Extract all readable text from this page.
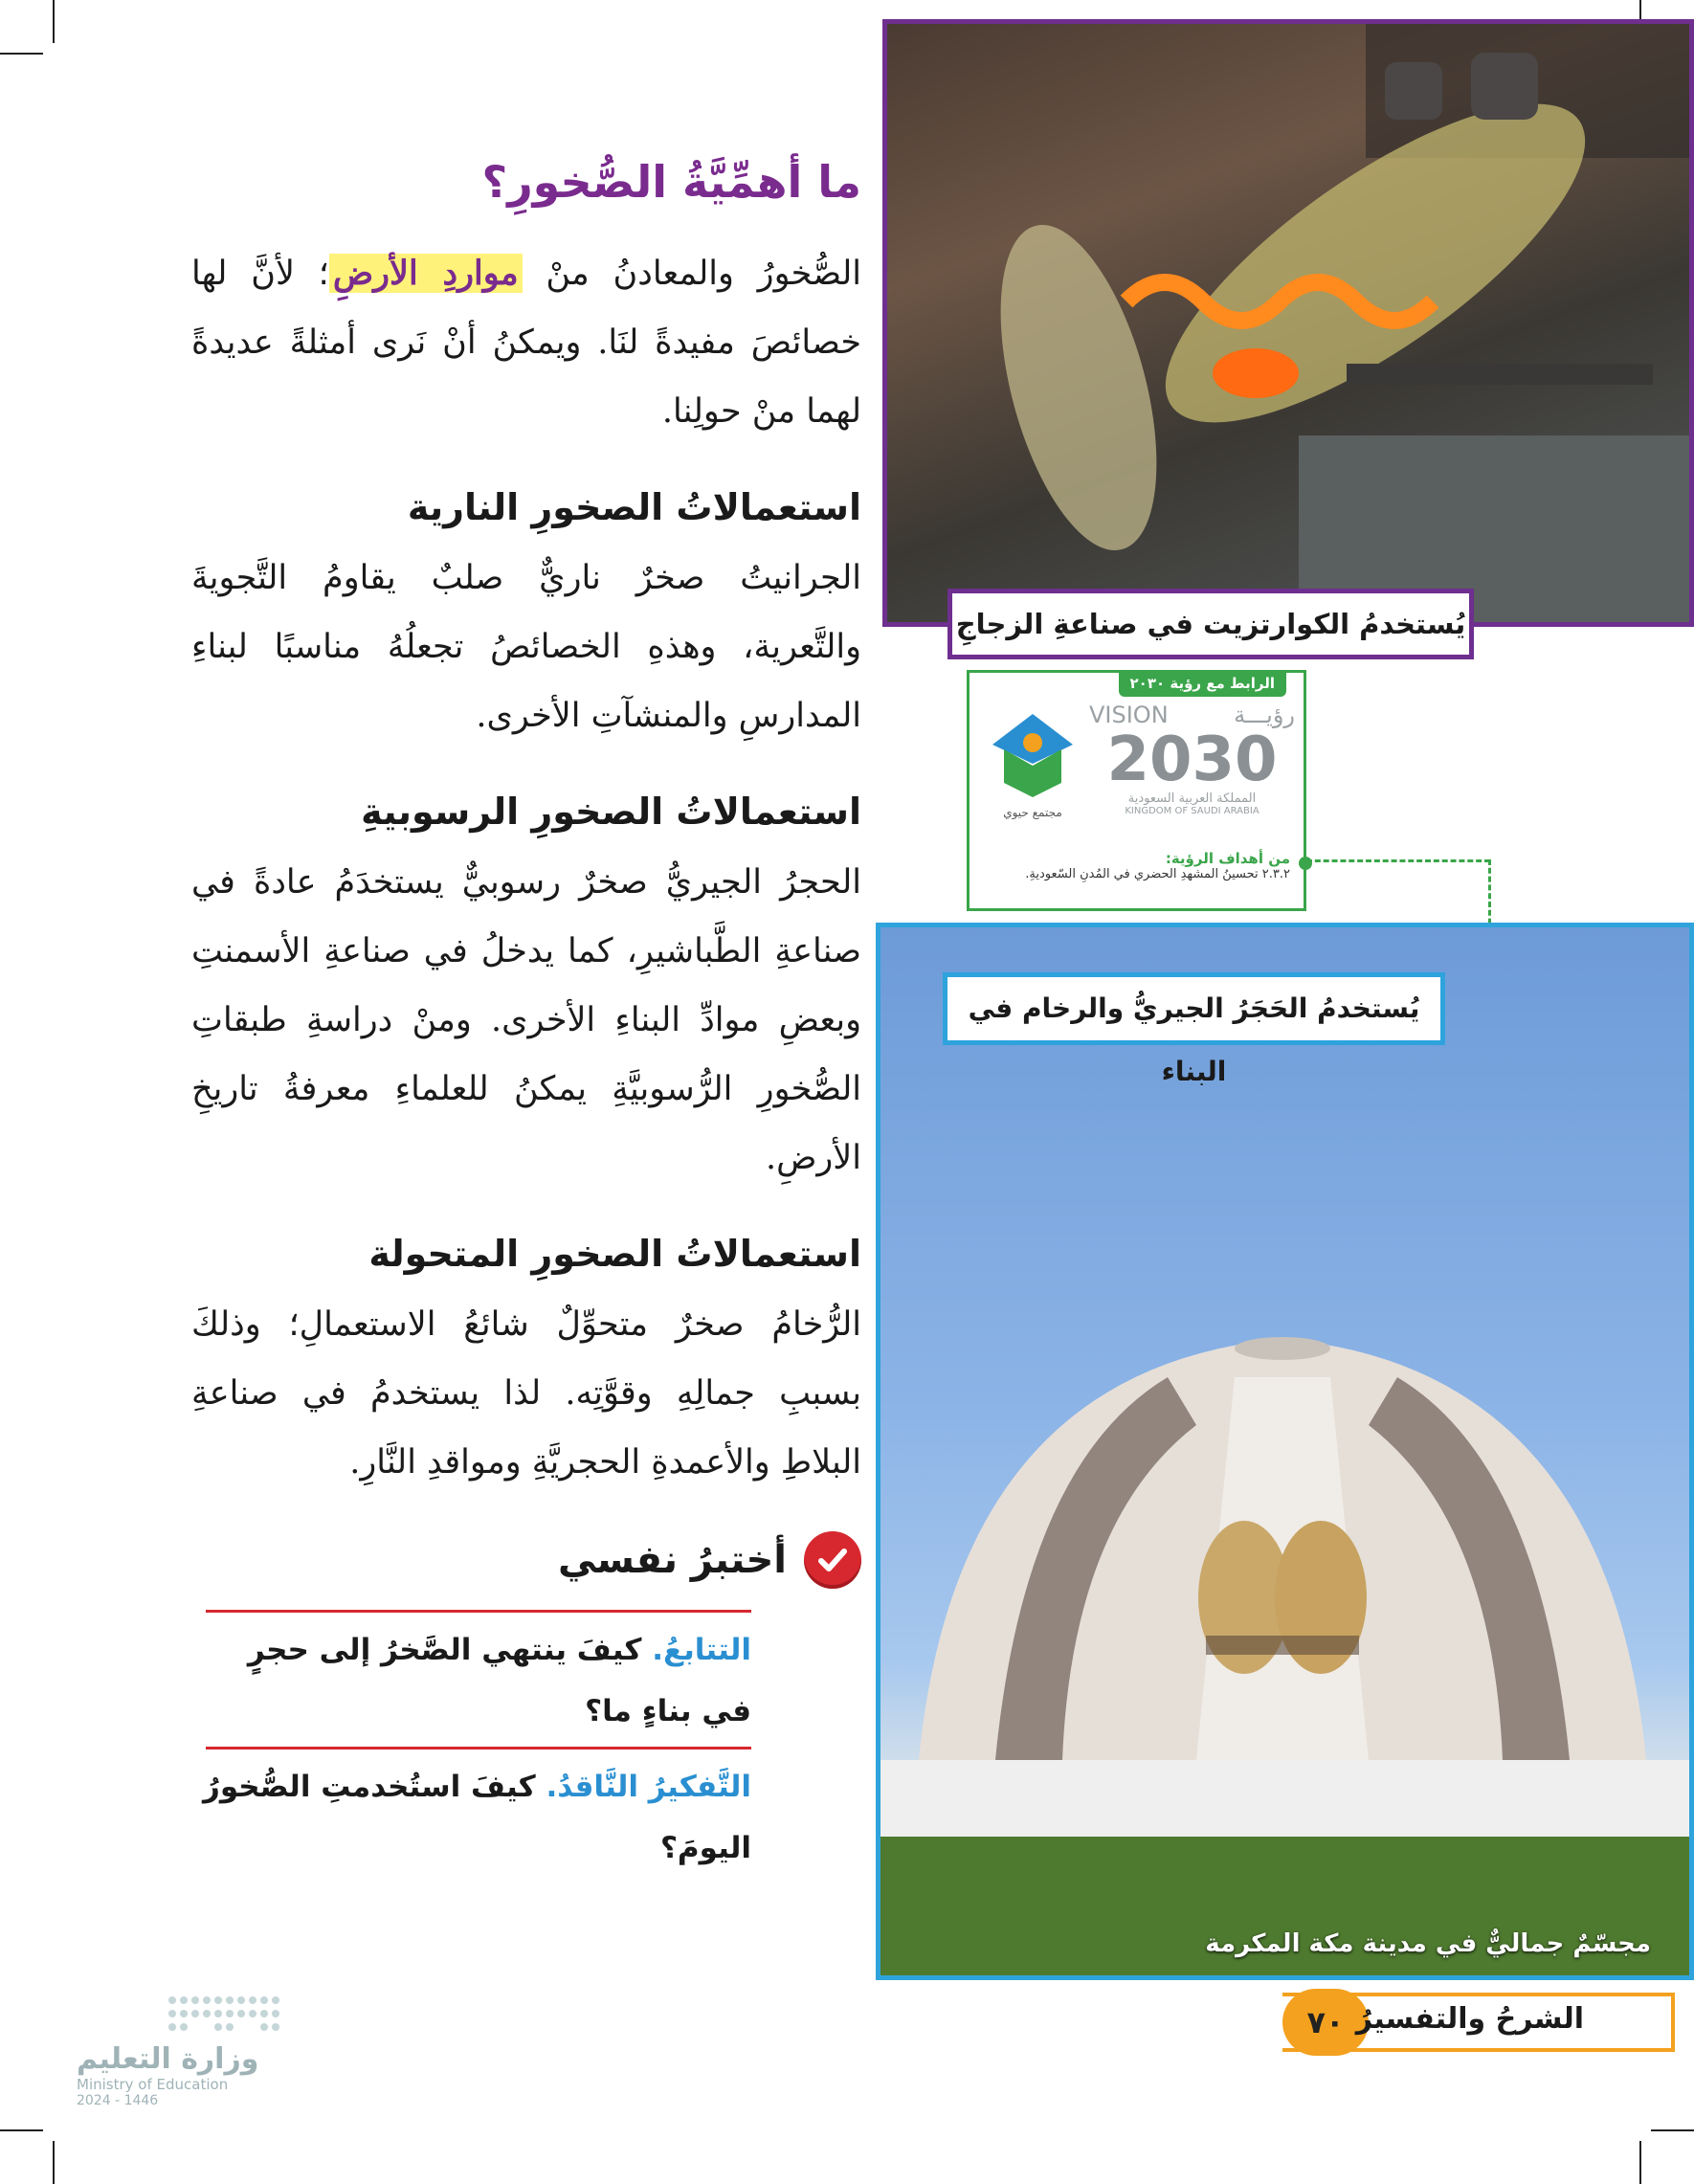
ما أهمِّيَّةُ الصُّخورِ؟

الصُّخورُ والمعادنُ منْ مواردِ الأرضِ؛ لأنَّ لها خصائصَ مفيدةً لنَا. ويمكنُ أنْ نَرى أمثلةً عديدةً لهما منْ حولِنا.

استعمالاتُ الصخورِ النارية

الجرانيتُ صخرٌ ناريٌّ صلبٌ يقاومُ التَّجويةَ والتَّعرية، وهذهِ الخصائصُ تجعلُهُ مناسبًا لبناءِ المدارسِ والمنشآتِ الأخرى.

استعمالاتُ الصخورِ الرسوبيةِ

الحجرُ الجيريُّ صخرٌ رسوبيٌّ يستخدَمُ عادةً في صناعةِ الطَّباشيرِ، كما يدخلُ في صناعةِ الأسمنتِ وبعضِ موادِّ البناءِ الأخرى. ومنْ دراسةِ طبقاتِ الصُّخورِ الرُّسوبيَّةِ يمكنُ للعلماءِ معرفةُ تاريخِ الأرضِ.

استعمالاتُ الصخورِ المتحولة

الرُّخامُ صخرٌ متحوِّلٌ شائعُ الاستعمالِ؛ وذلكَ بسببِ جمالِهِ وقوَّتِه. لذا يستخدمُ في صناعةِ البلاطِ والأعمدةِ الحجريَّةِ ومواقدِ النَّارِ.

أختبرُ نفسي
التتابعُ. كيفَ ينتهي الصَّخرُ إلى حجرٍ في بناءٍ ما؟
التَّفكيرُ النَّاقدُ. كيفَ استُخدمتِ الصُّخورُ اليومَ؟
يُستخدمُ الكوارتزيت في صناعةِ الزجاجِ
الرابط مع رؤية ٢٠٣٠
مجتمع حيوي
VISION	رؤيـــة
2030
المملكة العربية السعودية
KINGDOM OF SAUDI ARABIA
من أهداف الرؤية:
٢.٣.٢ تحسينُ المشهدِ الحضري في المُدنِ السّعوديةِ.
مجسّمٌ جماليٌّ في مدينة مكة المكرمة
يُستخدمُ الحَجَرُ الجيريُّ والرخام في البناء
٧٠ الشرحُ والتفسيرُ
وزارة التعليم
Ministry of Education
2024 - 1446
